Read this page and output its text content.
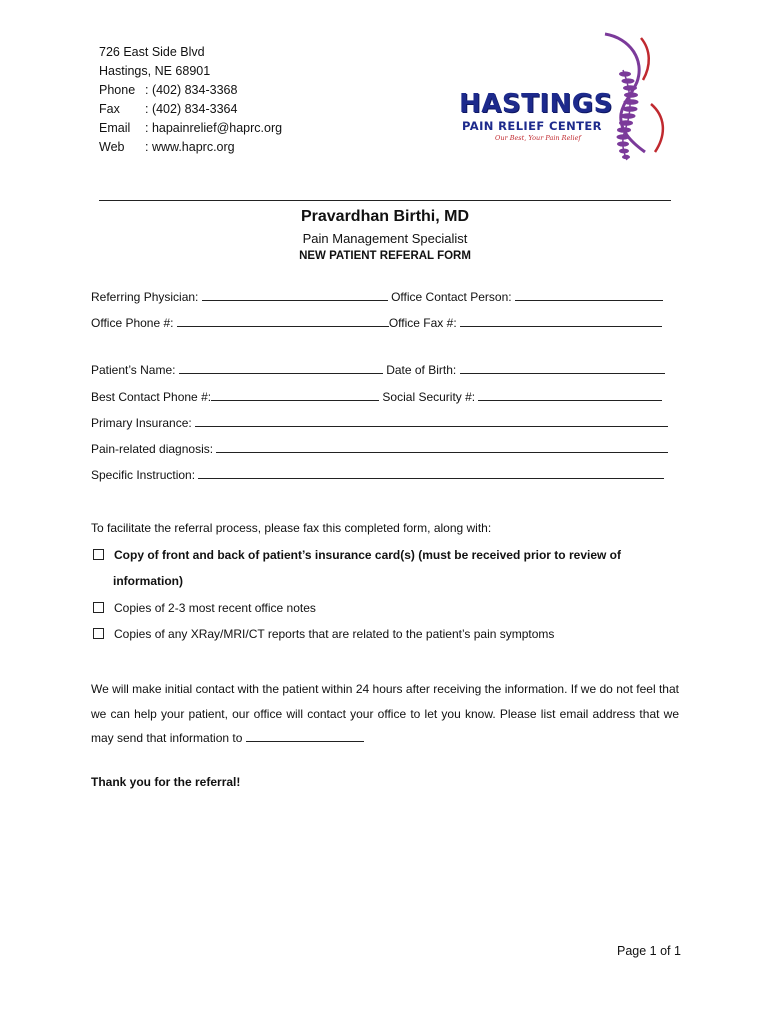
726 East Side Blvd
Hastings, NE 68901
Phone : (402) 834-3368
Fax	: (402) 834-3364
Email	: hapainrelief@haprc.org
Web	: www.haprc.org
HASTINGS
PAIN RELIEF CENTER
Our Best, Your Pain Relief
Pravardhan Birthi, MD
Pain Management Specialist
NEW PATIENT REFERAL FORM
Referring Physician:	Office Contact Person:
Office Phone #:	Office Fax #:
Patient’s Name:	Date of Birth:
Best Contact Phone #:	Social Security #:
Primary Insurance:
Pain-related diagnosis:
Specific Instruction:
To facilitate the referral process, please fax this completed form, along with:
Copy of front and back of patient’s insurance card(s) (must be received prior to review of
information)
Copies of 2-3 most recent office notes
Copies of any XRay/MRI/CT reports that are related to the patient’s pain symptoms
We will make initial contact with the patient within 24 hours after receiving the information. If we do not feel that we can help your patient, our office will contact your office to let you know. Please list email address that we may send that information to
Thank you for the referral!
Page 1 of 1
